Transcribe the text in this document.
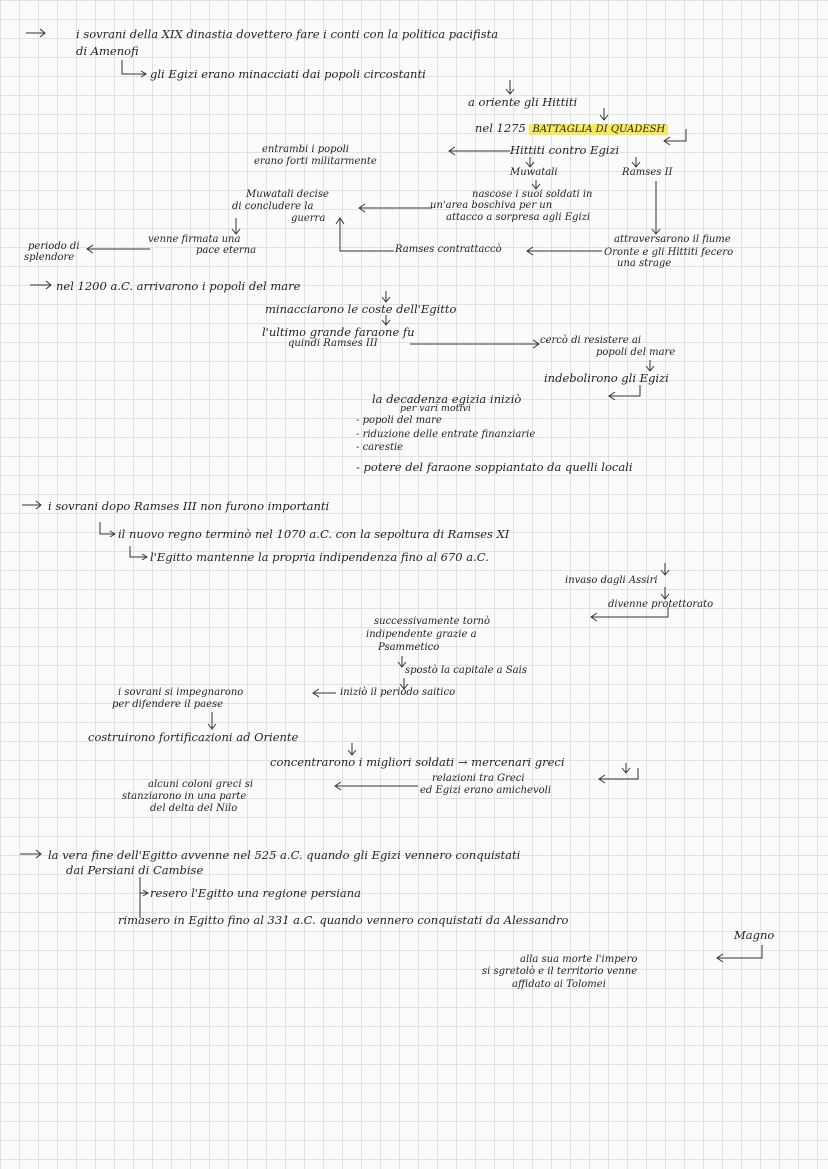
i sovrani della XIX dinastia dovettero fare i conti con la politica pacifista
di Amenofi
gli Egizi erano minacciati dai popoli circostanti
a oriente gli Hittiti
nel 1275 BATTAGLIA DI QUADESH
entrambi i popoli
erano forti militarmente
Hittiti contro Egizi
Muwatali	Ramses II
Muwatali decise
di concludere la
guerra
nascose i suoi soldati in
un'area boschiva per un
attacco a sorpresa agli Egizi
periodo di
splendore
venne firmata una
pace eterna	Ramses contrattaccò
attraversarono il fiume
Oronte e gli Hittiti fecero
una strage
nel 1200 a.C. arrivarono i popoli del mare
minacciarono le coste dell'Egitto
l'ultimo grande faraone fu
quindi Ramses III	cercò di resistere ai
popoli del mare
indebolirono gli Egizi
la decadenza egizia iniziò
per vari motivi
- popoli del mare
- riduzione delle entrate finanziarie
- carestie
- potere del faraone soppiantato da quelli locali
i sovrani dopo Ramses III non furono importanti
il nuovo regno terminò nel 1070 a.C. con la sepoltura di Ramses XI
l'Egitto mantenne la propria indipendenza fino al 670 a.C.
invaso dagli Assiri
divenne protettorato
successivamente tornò
indipendente grazie a
Psammetico
spostò la capitale a Sais
i sovrani si impegnarono
per difendere il paese
iniziò il periodo saitico
costruirono fortificazioni ad Oriente
concentrarono i migliori soldati → mercenari greci
alcuni coloni greci si
stanziarono in una parte
del delta del Nilo
relazioni tra Greci
ed Egizi erano amichevoli
la vera fine dell'Egitto avvenne nel 525 a.C. quando gli Egizi vennero conquistati
dai Persiani di Cambise
resero l'Egitto una regione persiana
rimasero in Egitto fino al 331 a.C. quando vennero conquistati da Alessandro
Magno
alla sua morte l'impero
si sgretolò e il territorio venne
affidato ai Tolomei
